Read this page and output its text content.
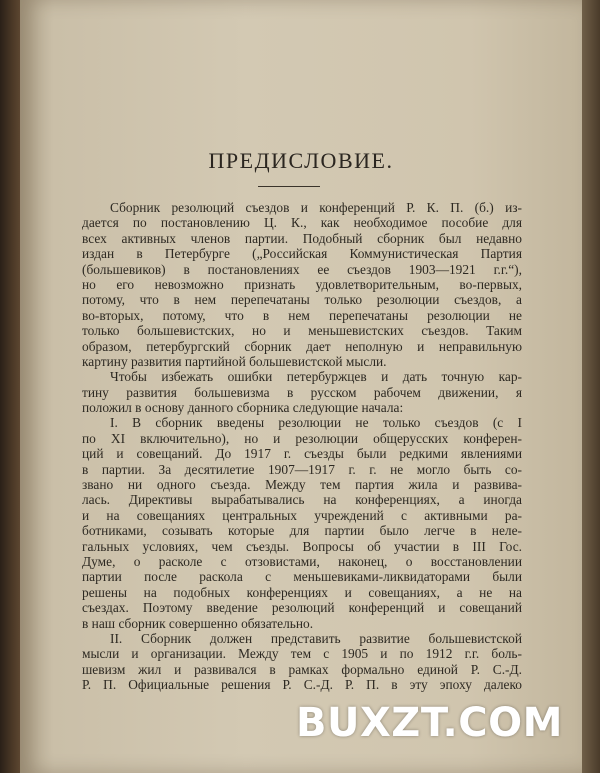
ПРЕДИСЛОВИЕ.
Сборник резолюций съездов и конференций Р. К. П. (б.) из-
дается по постановлению Ц. К., как необходимое пособие для
всех активных членов партии. Подобный сборник был недавно
издан в Петербурге („Российская Коммунистическая Партия
(большевиков) в постановлениях ее съездов 1903—1921 г.г.“),
но его невозможно признать удовлетворительным, во-первых,
потому, что в нем перепечатаны только резолюции съездов, а
во-вторых, потому, что в нем перепечатаны резолюции не
только большевистских, но и меньшевистских съездов. Таким
образом, петербургский сборник дает неполную и неправильную
картину развития партийной большевистской мысли.
Чтобы избежать ошибки петербуржцев и дать точную кар-
тину развития большевизма в русском рабочем движении, я
положил в основу данного сборника следующие начала:
I. В сборник введены резолюции не только съездов (с I
по XI включительно), но и резолюции общерусских конферен-
ций и совещаний. До 1917 г. съезды были редкими явлениями
в партии. За десятилетие 1907—1917 г. г. не могло быть со-
звано ни одного съезда. Между тем партия жила и развива-
лась. Директивы вырабатывались на конференциях, а иногда
и на совещаниях центральных учреждений с активными ра-
ботниками, созывать которые для партии было легче в неле-
гальных условиях, чем съезды. Вопросы об участии в III Гос.
Думе, о расколе с отзовистами, наконец, о восстановлении
партии после раскола с меньшевиками-ликвидаторами были
решены на подобных конференциях и совещаниях, а не на
съездах. Поэтому введение резолюций конференций и совещаний
в наш сборник совершенно обязательно.
II. Сборник должен представить развитие большевистской
мысли и организации. Между тем с 1905 и по 1912 г.г. боль-
шевизм жил и развивался в рамках формально единой Р. С.-Д.
Р. П. Официальные решения Р. С.-Д. Р. П. в эту эпоху далеко
BUXZT.COM
